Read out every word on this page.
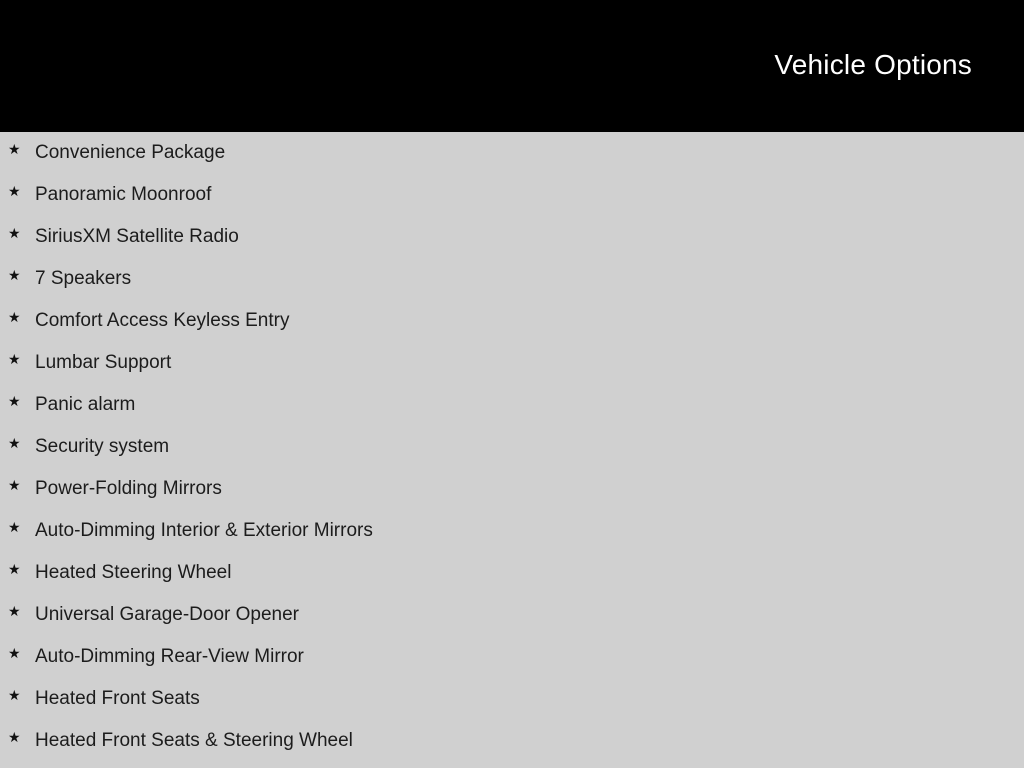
Vehicle Options
★ Convenience Package
★ Panoramic Moonroof
★ SiriusXM Satellite Radio
★ 7 Speakers
★ Comfort Access Keyless Entry
★ Lumbar Support
★ Panic alarm
★ Security system
★ Power-Folding Mirrors
★ Auto-Dimming Interior & Exterior Mirrors
★ Heated Steering Wheel
★ Universal Garage-Door Opener
★ Auto-Dimming Rear-View Mirror
★ Heated Front Seats
★ Heated Front Seats & Steering Wheel
